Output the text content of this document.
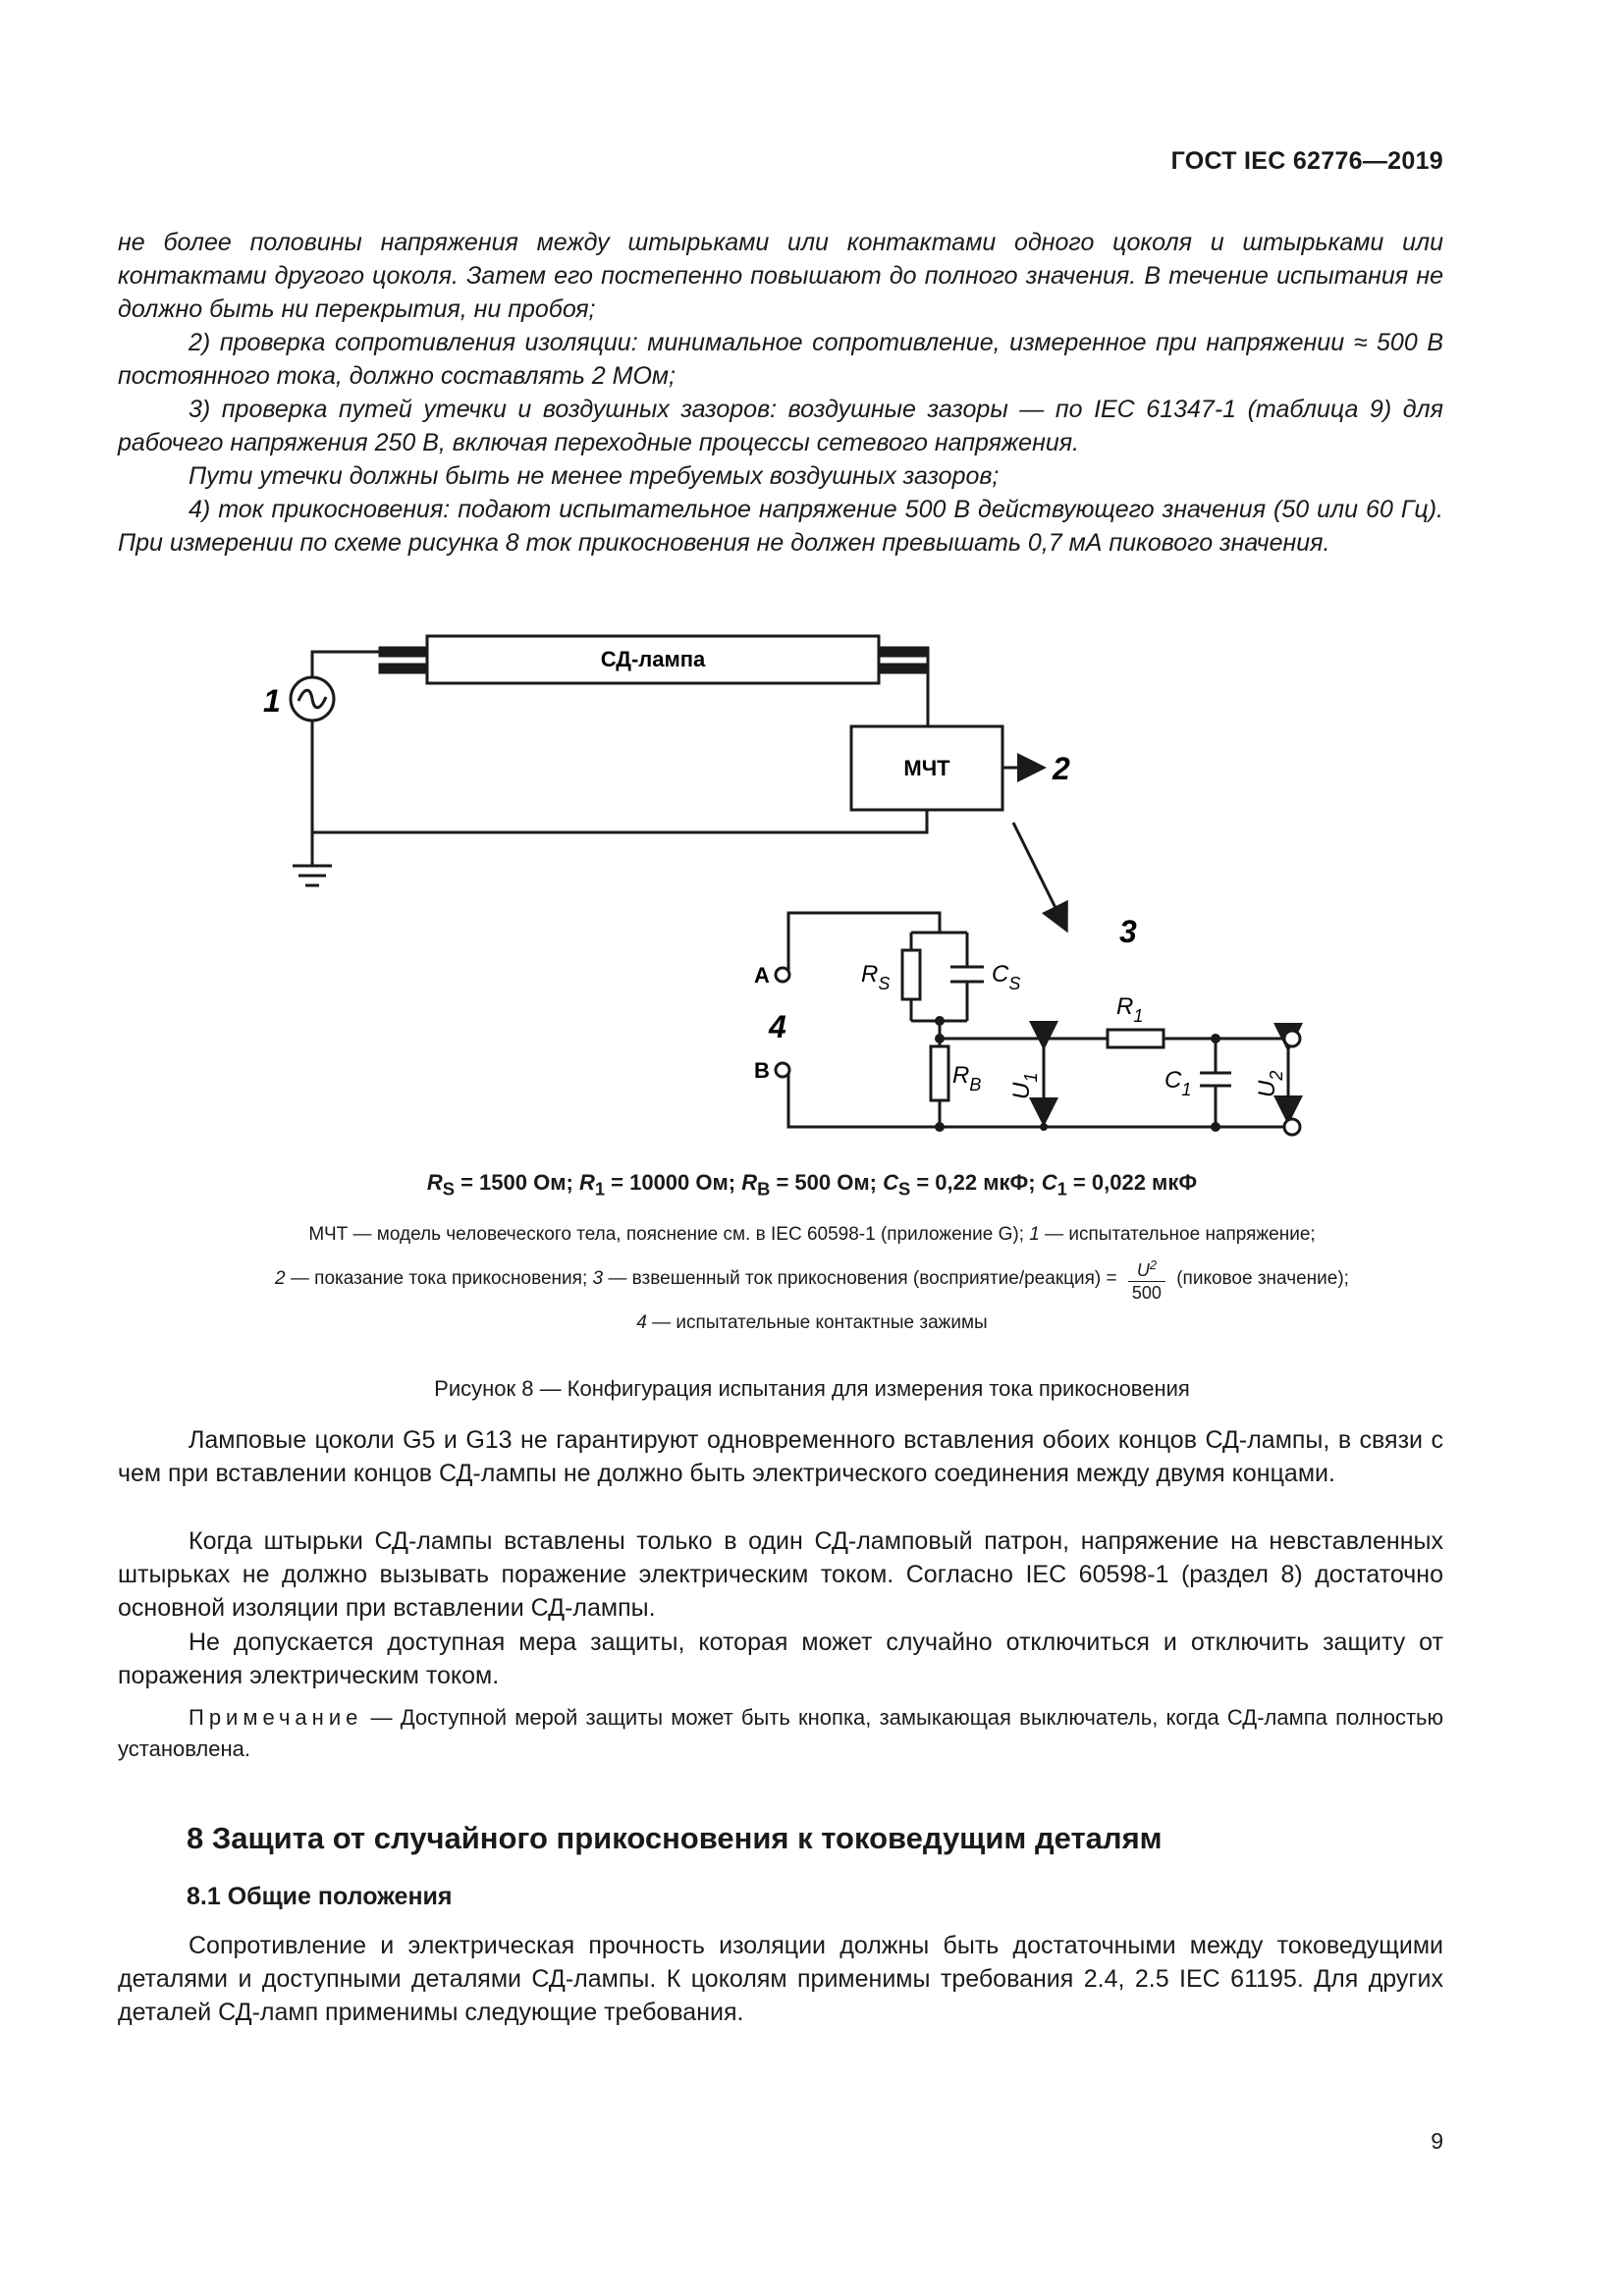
ГОСТ IEC 62776—2019
не более половины напряжения между штырьками или контактами одного цоколя и штырьками или контактами другого цоколя. Затем его постепенно повышают до полного значения. В течение испытания не должно быть ни перекрытия, ни пробоя;
2) проверка сопротивления изоляции: минимальное сопротивление, измеренное при напряжении ≈ 500 В постоянного тока, должно составлять 2 МОм;
3) проверка путей утечки и воздушных зазоров: воздушные зазоры — по IEC 61347-1 (таблица 9) для рабочего напряжения 250 В, включая переходные процессы сетевого напряжения.
Пути утечки должны быть не менее требуемых воздушных зазоров;
4) ток прикосновения: подают испытательное напряжение 500 В действующего значения (50 или 60 Гц). При измерении по схеме рисунка 8 ток прикосновения не должен превышать 0,7 мА пикового значения.
СД-лампа
МЧТ
1
2
3
4
A
B
$R_S$	$C_S$
$R_1$
$R_B$	$C_1$
$U_1$
$U_2$
$R_S = 1500$ Ом; $R_1 = 10000$ Ом; $R_B = 500$ Ом; $C_S = 0,22$ мкФ; $C_1 = 0,022$ мкФ
МЧТ — модель человеческого тела, пояснение см. в IEC 60598-1 (приложение G); 1 — испытательное напряжение;
2 — показание тока прикосновения; 3 — взвешенный ток прикосновения (восприятие/реакция) = $\frac{U^2}{500}$ (пиковое значение);
4 — испытательные контактные зажимы
Рисунок 8 — Конфигурация испытания для измерения тока прикосновения
Ламповые цоколи G5 и G13 не гарантируют одновременного вставления обоих концов СД-лампы, в связи с чем при вставлении концов СД-лампы не должно быть электрического соединения между двумя концами.
Когда штырьки СД-лампы вставлены только в один СД-ламповый патрон, напряжение на невставленных штырьках не должно вызывать поражение электрическим током. Согласно IEC 60598-1 (раздел 8) достаточно основной изоляции при вставлении СД-лампы.
Не допускается доступная мера защиты, которая может случайно отключиться и отключить защиту от поражения электрическим током.
Примечание — Доступной мерой защиты может быть кнопка, замыкающая выключатель, когда СД-лампа полностью установлена.
8 Защита от случайного прикосновения к токоведущим деталям
8.1 Общие положения
Сопротивление и электрическая прочность изоляции должны быть достаточными между токоведущими деталями и доступными деталями СД-лампы. К цоколям применимы требования 2.4, 2.5 IEC 61195. Для других деталей СД-ламп применимы следующие требования.
9
